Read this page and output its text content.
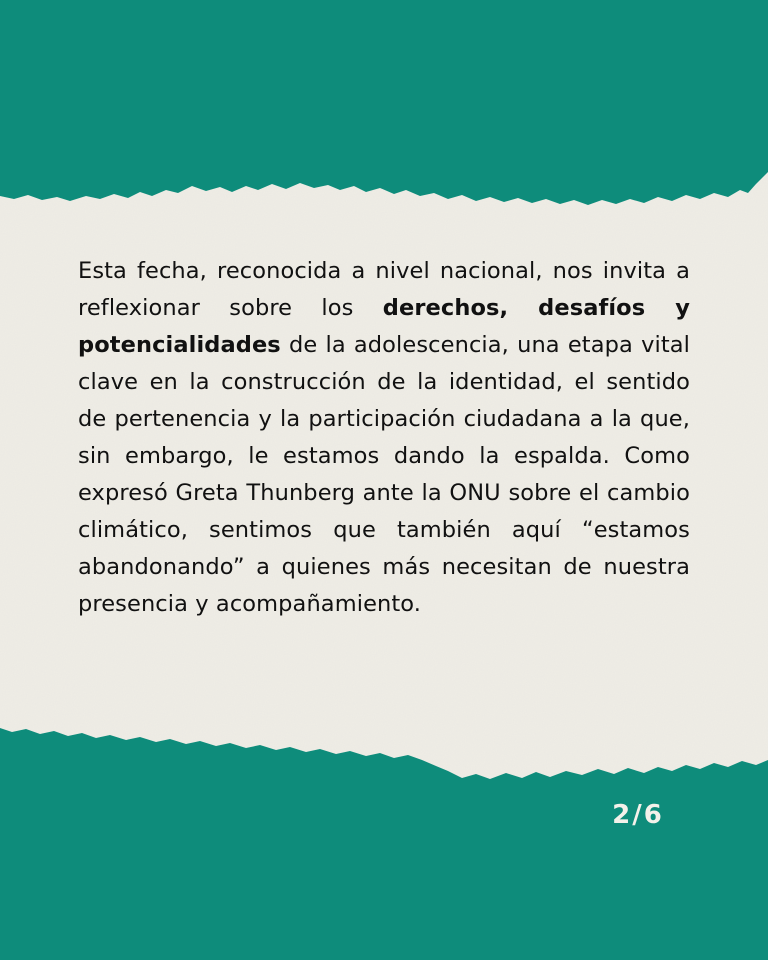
Esta fecha, reconocida a nivel nacional, nos invita a reflexionar sobre los derechos, desafíos y potencialidades de la adolescencia, una etapa vital clave en la construcción de la identidad, el sentido de pertenencia y la participación ciudadana a la que, sin embargo, le estamos dando la espalda. Como expresó Greta Thunberg ante la ONU sobre el cambio climático, sentimos que también aquí “estamos abandonando” a quienes más necesitan de nuestra presencia y acompañamiento.

2/6
